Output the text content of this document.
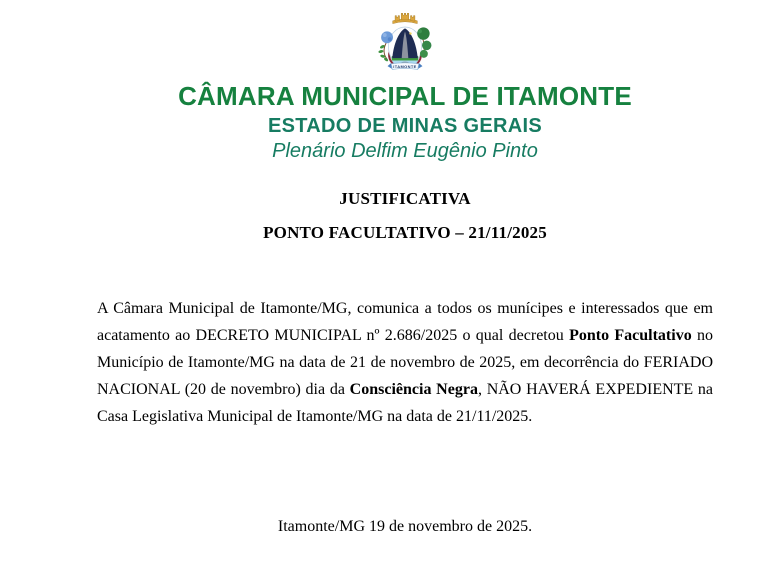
ITAMONTE
CÂMARA MUNICIPAL DE ITAMONTE
ESTADO DE MINAS GERAIS
Plenário Delfim Eugênio Pinto
JUSTIFICATIVA
PONTO FACULTATIVO – 21/11/2025

A Câmara Municipal de Itamonte/MG, comunica a todos os munícipes e interessados que em acatamento ao DECRETO MUNICIPAL nº 2.686/2025 o qual decretou Ponto Facultativo no Município de Itamonte/MG na data de 21 de novembro de 2025, em decorrência do FERIADO NACIONAL (20 de novembro) dia da Consciência Negra, NÃO HAVERÁ EXPEDIENTE na Casa Legislativa Municipal de Itamonte/MG na data de 21/11/2025.

Itamonte/MG 19 de novembro de 2025.
